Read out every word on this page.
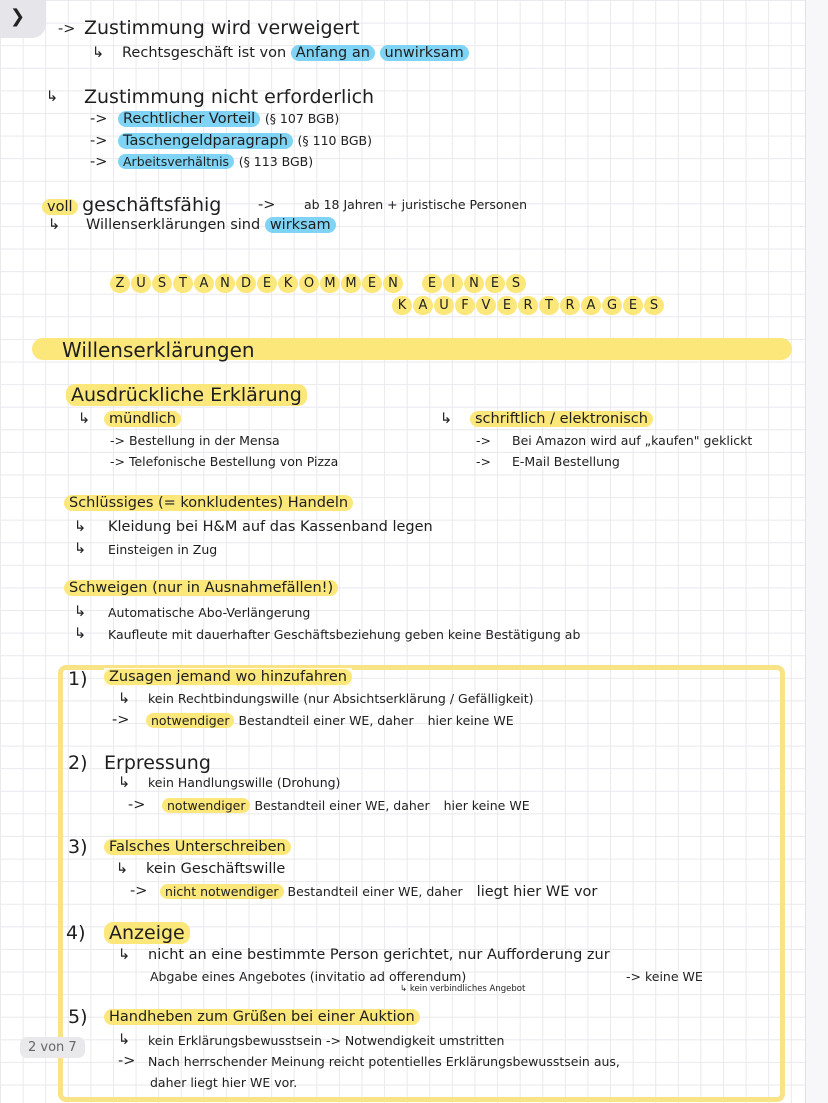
❯
-> Zustimmung wird verweigert
↳ Rechtsgeschäft ist von Anfang an unwirksam
↳ Zustimmung nicht erforderlich
->	Rechtlicher Vorteil (§ 107 BGB)
->	Taschengeldparagraph (§ 110 BGB)
->	Arbeitsverhältnis (§ 113 BGB)
voll geschäftsfähig	-> ab 18 Jahren + juristische Personen
↳ Willenserklärungen sind wirksam
Z U S T A N D E K O M M E N E I N E S
K A U F V E R T R A G E S
Willenserklärungen
Ausdrückliche Erklärung
↳	mündlich
-> Bestellung in der Mensa
-> Telefonische Bestellung von Pizza
↳	schriftlich / elektronisch
-> Bei Amazon wird auf „kaufen" geklickt
-> E-Mail Bestellung
Schlüssiges (= konkludentes) Handeln
↳ Kleidung bei H&M auf das Kassenband legen
↳ Einsteigen in Zug
Schweigen (nur in Ausnahmefällen!)
↳ Automatische Abo-Verlängerung
↳ Kaufleute mit dauerhafter Geschäftsbeziehung geben keine Bestätigung ab
1)	Zusagen jemand wo hinzufahren
↳ kein Rechtbindungswille (nur Absichtserklärung / Gefälligkeit)
->	notwendiger Bestandteil einer WE, daher hier keine WE
2) Erpressung
↳ kein Handlungswille (Drohung)
->	notwendiger Bestandteil einer WE, daher hier keine WE
3)	Falsches Unterschreiben
↳ kein Geschäftswille
->	nicht notwendiger Bestandteil einer WE, daher liegt hier WE vor
4) Anzeige
↳ nicht an eine bestimmte Person gerichtet, nur Aufforderung zur
Abgabe eines Angebotes (invitatio ad offerendum)	-> keine WE
↳ kein verbindliches Angebot
5)	Handheben zum Grüßen bei einer Auktion
↳ kein Erklärungsbewusstsein -> Notwendigkeit umstritten
-> Nach herrschender Meinung reicht potentielles Erklärungsbewusstsein aus,
daher liegt hier WE vor.
2 von 7
